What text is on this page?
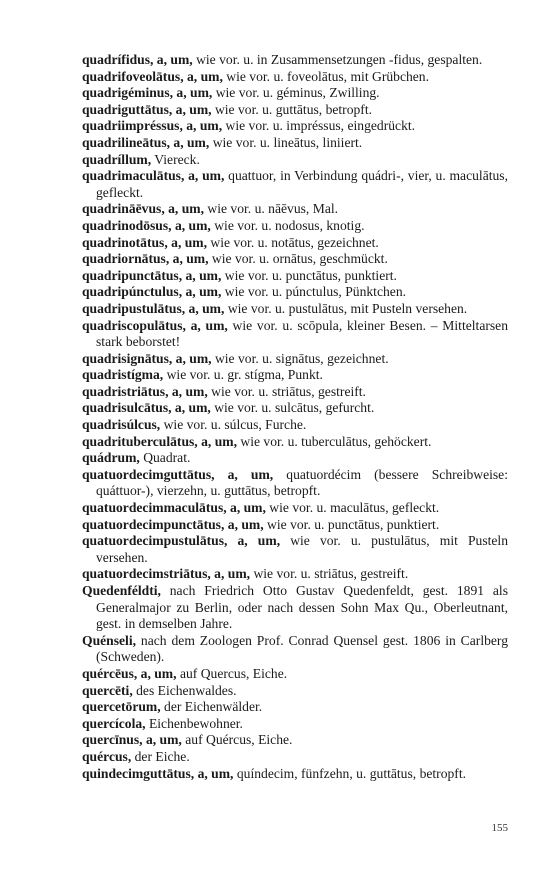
quadrífidus, a, um, wie vor. u. in Zusammensetzungen -fidus, gespalten.

quadrifoveolātus, a, um, wie vor. u. foveolātus, mit Grübchen.

quadrigéminus, a, um, wie vor. u. géminus, Zwilling.

quadriguttātus, a, um, wie vor. u. guttātus, betropft.

quadriimpréssus, a, um, wie vor. u. impréssus, eingedrückt.

quadrilineātus, a, um, wie vor. u. lineātus, liniiert.

quadríllum, Viereck.

quadrimaculātus, a, um, quattuor, in Verbindung quádri-, vier, u. maculātus, gefleckt.

quadrināēvus, a, um, wie vor. u. nāēvus, Mal.

quadrinodōsus, a, um, wie vor. u. nodosus, knotig.

quadrinotātus, a, um, wie vor. u. notātus, gezeichnet.

quadriornātus, a, um, wie vor. u. ornātus, geschmückt.

quadripunctātus, a, um, wie vor. u. punctātus, punktiert.

quadripúnctulus, a, um, wie vor. u. púnctulus, Pünktchen.

quadripustulātus, a, um, wie vor. u. pustulātus, mit Pusteln versehen.

quadriscopulātus, a, um, wie vor. u. scōpula, kleiner Besen. – Mitteltarsen stark beborstet!

quadrisignātus, a, um, wie vor. u. signātus, gezeichnet.

quadristígma, wie vor. u. gr. stígma, Punkt.

quadristriātus, a, um, wie vor. u. striātus, gestreift.

quadrisulcātus, a, um, wie vor. u. sulcātus, gefurcht.

quadrisúlcus, wie vor. u. súlcus, Furche.

quadrituberculātus, a, um, wie vor. u. tuberculātus, gehöckert.

quádrum, Quadrat.

quatuordecimguttātus, a, um, quatuordécim (bessere Schreibweise: quáttuor-), vierzehn, u. guttātus, betropft.

quatuordecimmaculātus, a, um, wie vor. u. maculātus, gefleckt.

quatuordecimpunctātus, a, um, wie vor. u. punctātus, punktiert.

quatuordecimpustulātus, a, um, wie vor. u. pustulātus, mit Pusteln versehen.

quatuordecimstriātus, a, um, wie vor. u. striātus, gestreift.

Quedenféldti, nach Friedrich Otto Gustav Quedenfeldt, gest. 1891 als Generalmajor zu Berlin, oder nach dessen Sohn Max Qu., Oberleutnant, gest. in demselben Jahre.

Quénseli, nach dem Zoologen Prof. Conrad Quensel gest. 1806 in Carlberg (Schweden).

quércēus, a, um, auf Quercus, Eiche.

quercēti, des Eichenwaldes.

quercetōrum, der Eichenwälder.

quercícola, Eichenbewohner.

quercīnus, a, um, auf Quércus, Eiche.

quércus, der Eiche.

quindecimguttātus, a, um, quíndecim, fünfzehn, u. guttātus, betropft.

155
